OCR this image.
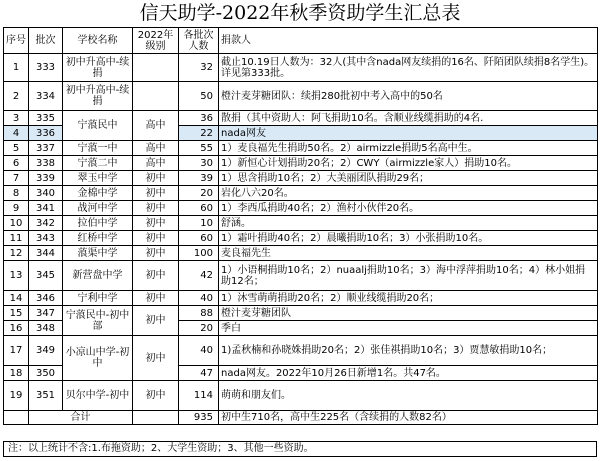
信天助学-2022年秋季资助学生汇总表
序号	批次	学校名称	2022年级别	各批次人数	捐款人
1	333	初中升高中-续捐		32	截止10.19日人数为：32人(其中含nada网友续捐的16名、阡陌团队续捐8名学生)。详见第333批。
2	334	初中升高中-续捐		50	橙汁麦芽糖团队：续捐280批初中考入高中的50名
3	335	宁蒗民中	高中	36	散捐（其中资助人：阿飞捐助10名。含顺业线缆捐助的4名.
4	336			22	nada网友
5	337	宁蒗一中	高中	55	1）麦良福先生捐助50名。2）airmizzle捐助5名高中生。
6	338	宁蒗二中	高中	30	1）新恒心计划捐助20名；2）CWY（airmizzle家人）捐助10名。
7	339	翠玉中学	初中	39	1）思含捐助10名；2）大美丽团队捐助29名；
8	340	金棉中学	初中	20	岩化八六20名。
9	341	战河中学	初中	60	1）李西瓜捐助40名；2）渔村小伙伴20名。
10	342	拉伯中学	初中	10	舒涵。
11	343	红桥中学	初中	60	1）霜叶捐助40名；2）晨曦捐助10名；3）小张捐助10名。
12	344	蒗渠中学	初中	100	麦良福先生
13	345	新营盘中学	初中	42	1）小语桐捐助10名；2）nuaalj捐助10名；3）海中浮萍捐助10名；4）林小姐捐助12名；
14	346	宁利中学	初中	40	1）沐雪萌萌捐助20名；2）顺业线缆捐助20名；
15	347	宁蒗民中-初中部	初中	88	橙汁麦芽糖团队
16	348			20	季白
17	349	小凉山中学-初中	初中	40	1)孟秋楠和孙晓姝捐助20名；2）张佳祺捐助10名；3）贾慧敏捐助10名；
18	350			47	nada网友。2022年10月26日新增1名。共47名。
19	351	贝尔中学-初中	初中	114	萌萌和朋友们。
	合计			935	初中生710名，高中生225名（含续捐的人数82名）
注：以上统计不含:1.布拖资助；2、大学生资助；3、其他一些资助。
